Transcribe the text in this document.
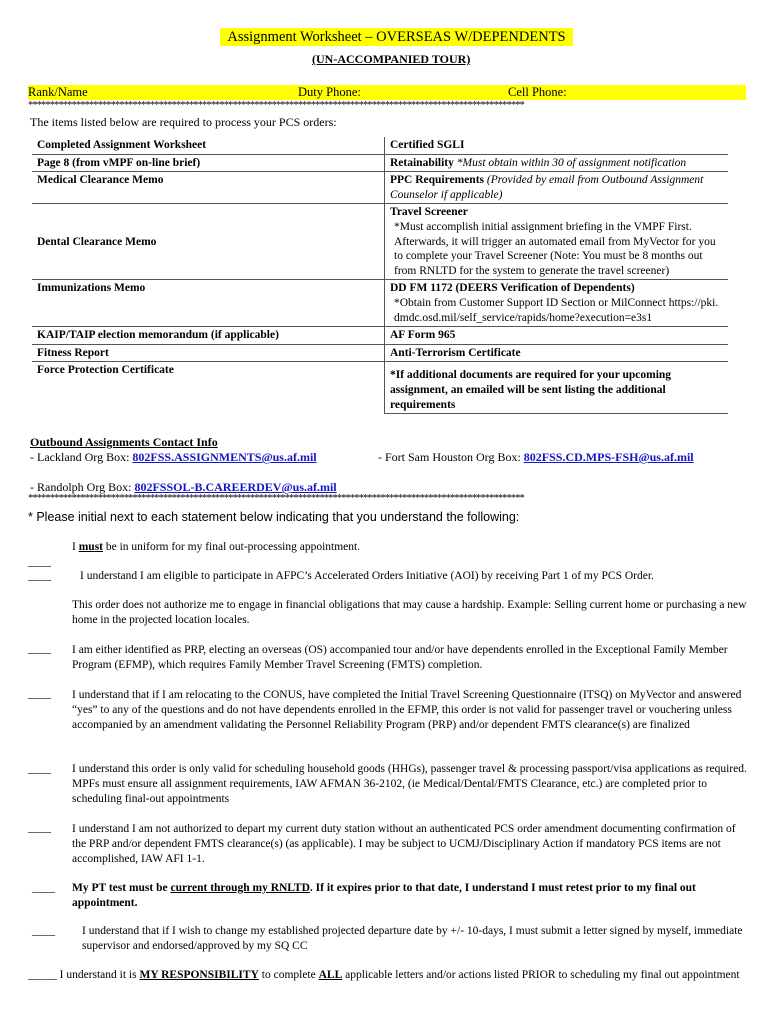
Assignment Worksheet – OVERSEAS W/DEPENDENTS
(UN-ACCOMPANIED TOUR)
Rank/Name	Duty Phone:	Cell Phone:
******************************************************************************************************************
The items listed below are required to process your PCS orders:
Completed Assignment Worksheet	Certified SGLI
Page 8 (from vMPF on-line brief)	Retainability *Must obtain within 30 of assignment notification
Medical Clearance Memo	PPC Requirements (Provided by email from Outbound Assignment Counselor if applicable)
Dental Clearance Memo	Travel Screener
*Must accomplish initial assignment briefing in the VMPF First. Afterwards, it will trigger an automated email from MyVector for you to complete your Travel Screener (Note: You must be 8 months out from RNLTD for the system to generate the travel screener)

Immunizations Memo	DD FM 1172 (DEERS Verification of Dependents)
*Obtain from Customer Support ID Section or MilConnect https://pki.dmdc.osd.mil/self_service/rapids/home?execution=e3s1

KAIP/TAIP election memorandum (if applicable)	AF Form 965
Fitness Report	Anti-Terrorism Certificate
Force Protection Certificate	*If additional documents are required for your upcoming assignment, an emailed will be sent listing the additional requirements
Outbound Assignments Contact Info
- Lackland Org Box: 802FSS.ASSIGNMENTS@us.af.mil	- Fort Sam Houston Org Box: 802FSS.CD.MPS-FSH@us.af.mil
- Randolph Org Box: 802FSSOL-B.CAREERDEV@us.af.mil
******************************************************************************************************************
* Please initial next to each statement below indicating that you understand the following:
I must be in uniform for my final out-processing appointment.
____
____	I understand I am eligible to participate in AFPC’s Accelerated Orders Initiative (AOI) by receiving Part 1 of my PCS Order.
This order does not authorize me to engage in financial obligations that may cause a hardship. Example: Selling current home or purchasing a new home in the projected location locales.
____ I am either identified as PRP, electing an overseas (OS) accompanied tour and/or have dependents enrolled in the Exceptional Family Member Program (EFMP), which requires Family Member Travel Screening (FMTS) completion.
____ I understand that if I am relocating to the CONUS, have completed the Initial Travel Screening Questionnaire (ITSQ) on MyVector and answered “yes” to any of the questions and do not have dependents enrolled in the EFMP, this order is not valid for passenger travel or vouchering unless accompanied by an amendment validating the Personnel Reliability Program (PRP) and/or dependent FMTS clearance(s) are finalized
____ I understand this order is only valid for scheduling household goods (HHGs), passenger travel & processing passport/visa applications as required. MPFs must ensure all assignment requirements, IAW AFMAN 36-2102, (ie Medical/Dental/FMTS Clearance, etc.) are completed prior to scheduling final-out appointments
____ I understand I am not authorized to depart my current duty station without an authenticated PCS order amendment documenting confirmation of the PRP and/or dependent FMTS clearance(s) (as applicable). I may be subject to UCMJ/Disciplinary Action if mandatory PCS items are not accomplished, IAW AFI 1-1.
____ My PT test must be current through my RNLTD. If it expires prior to that date, I understand I must retest prior to my final out appointment.
____ I understand that if I wish to change my established projected departure date by +/- 10-days, I must submit a letter signed by myself, immediate supervisor and endorsed/approved by my SQ CC
_____ I understand it is MY RESPONSIBILITY to complete ALL applicable letters and/or actions listed PRIOR to scheduling my final out appointment
